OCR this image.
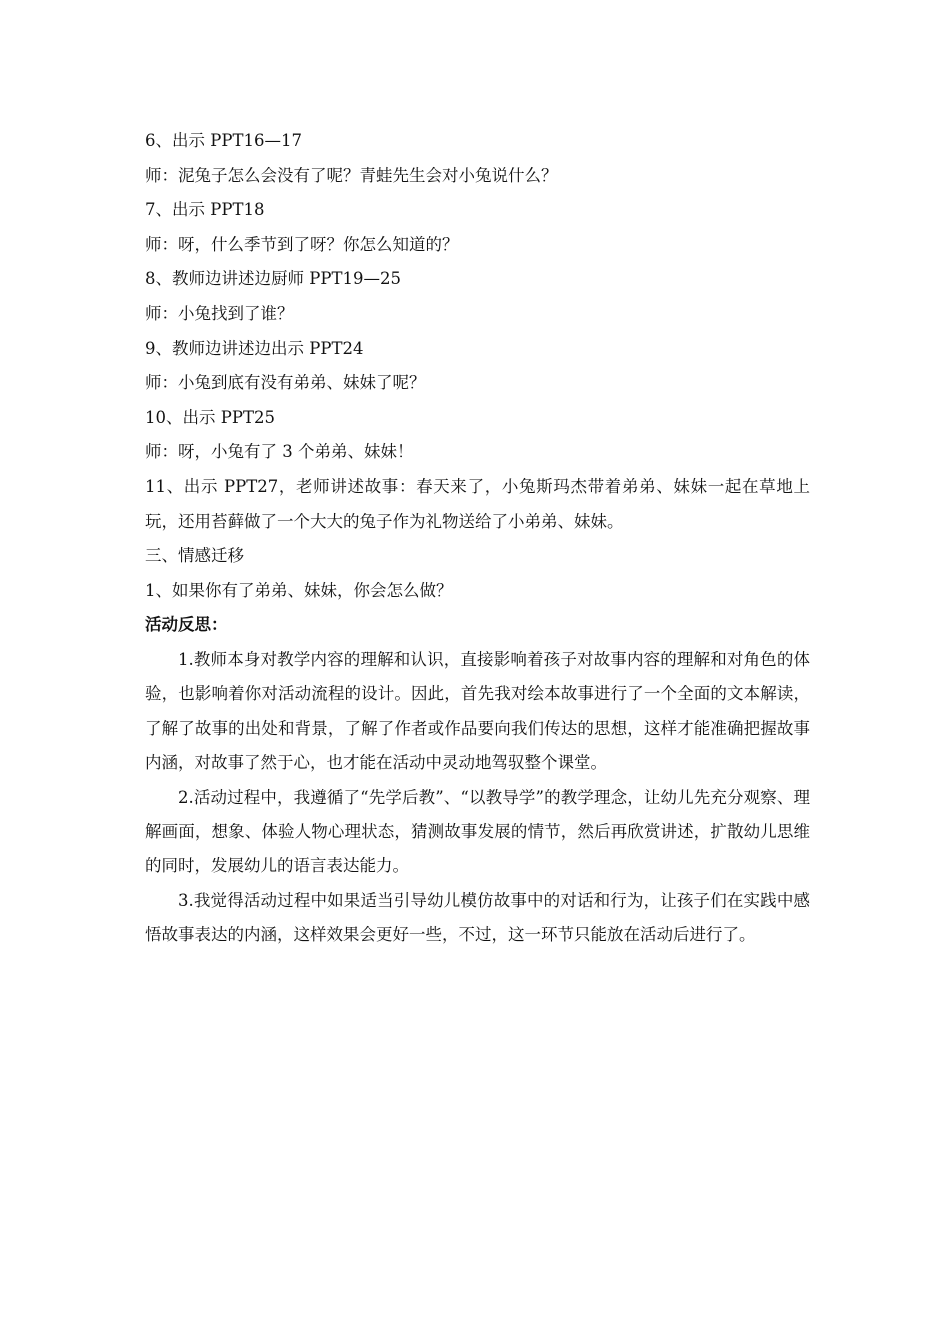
6、出示 PPT16—17

师：泥兔子怎么会没有了呢？青蛙先生会对小兔说什么？

7、出示 PPT18

师：呀，什么季节到了呀？你怎么知道的？

8、教师边讲述边厨师 PPT19—25

师：小兔找到了谁？

9、教师边讲述边出示 PPT24

师：小兔到底有没有弟弟、妹妹了呢？

10、出示 PPT25

师：呀，小兔有了 3 个弟弟、妹妹！

11、出示 PPT27，老师讲述故事：春天来了，小兔斯玛杰带着弟弟、妹妹一起在草地上玩，还用苔藓做了一个大大的兔子作为礼物送给了小弟弟、妹妹。

三、情感迁移

1、如果你有了弟弟、妹妹，你会怎么做？

活动反思：

1.教师本身对教学内容的理解和认识，直接影响着孩子对故事内容的理解和对角色的体验，也影响着你对活动流程的设计。因此，首先我对绘本故事进行了一个全面的文本解读，了解了故事的出处和背景，了解了作者或作品要向我们传达的思想，这样才能准确把握故事内涵，对故事了然于心，也才能在活动中灵动地驾驭整个课堂。

2.活动过程中，我遵循了“先学后教”、“以教导学”的教学理念，让幼儿先充分观察、理解画面，想象、体验人物心理状态，猜测故事发展的情节，然后再欣赏讲述，扩散幼儿思维的同时，发展幼儿的语言表达能力。

3.我觉得活动过程中如果适当引导幼儿模仿故事中的对话和行为，让孩子们在实践中感悟故事表达的内涵，这样效果会更好一些，不过，这一环节只能放在活动后进行了。
